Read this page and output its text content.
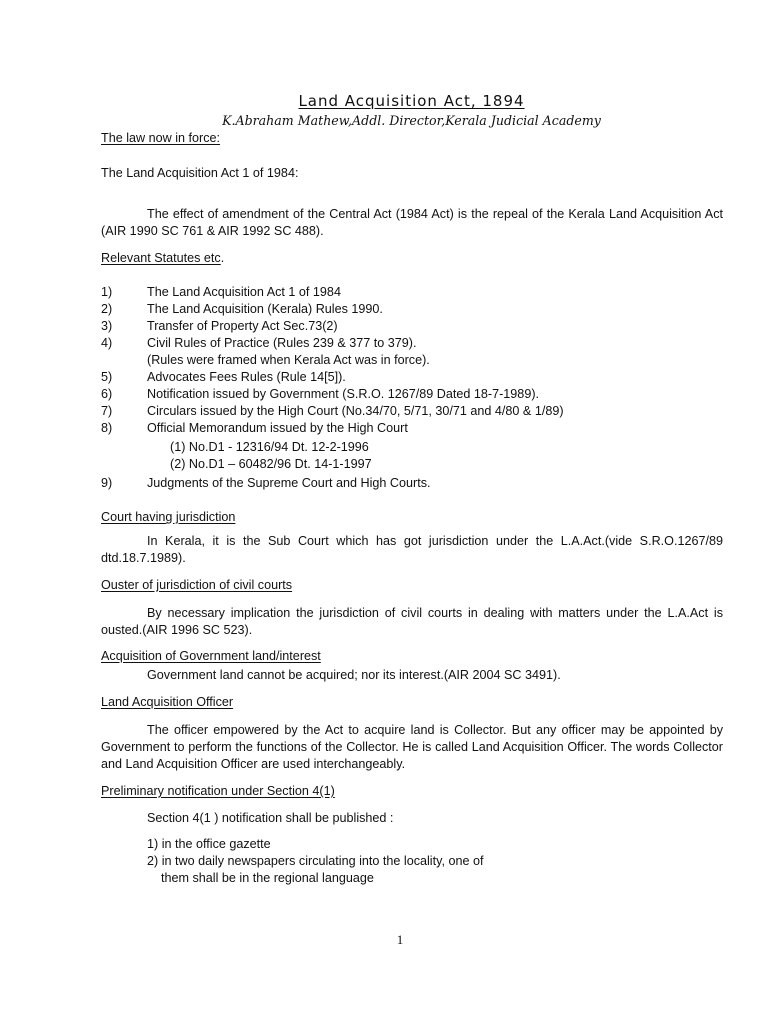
Land Acquisition Act, 1894
K.Abraham Mathew,Addl. Director,Kerala Judicial Academy
The law now in force:
The Land Acquisition Act 1 of 1984:
The effect of amendment of the Central Act (1984 Act) is the repeal of the Kerala Land Acquisition Act (AIR 1990 SC 761 & AIR 1992 SC 488).
Relevant Statutes etc.
1)	The Land Acquisition Act 1 of 1984
2)	The Land Acquisition (Kerala) Rules 1990.
3)	Transfer of Property Act Sec.73(2)
4)	Civil Rules of Practice (Rules 239 & 377 to 379).
(Rules were framed when Kerala Act was in force).
5)	Advocates Fees Rules (Rule 14[5]).
6)	Notification issued by Government (S.R.O. 1267/89 Dated 18-7-1989).
7)	Circulars issued by the High Court (No.34/70, 5/71, 30/71 and 4/80 & 1/89)
8)	Official Memorandum issued by the High Court
(1) No.D1 - 12316/94 Dt. 12-2-1996
(2) No.D1 – 60482/96 Dt. 14-1-1997
9)	Judgments of the Supreme Court and High Courts.
Court having jurisdiction
In Kerala, it is the Sub Court which has got jurisdiction under the L.A.Act.(vide S.R.O.1267/89 dtd.18.7.1989).
Ouster of jurisdiction of civil courts
By necessary implication the jurisdiction of civil courts in dealing with matters under the L.A.Act is ousted.(AIR 1996 SC 523).
Acquisition of Government land/interest
Government land cannot be acquired; nor its interest.(AIR 2004 SC 3491).
Land Acquisition Officer
The officer empowered by the Act to acquire land is Collector. But any officer may be appointed by Government to perform the functions of the Collector. He is called Land Acquisition Officer. The words Collector and Land Acquisition Officer are used interchangeably.
Preliminary notification under Section 4(1)
Section 4(1 ) notification shall be published :
1) in the office gazette
2) in two daily newspapers circulating into the locality, one of
them shall be in the regional language
1
